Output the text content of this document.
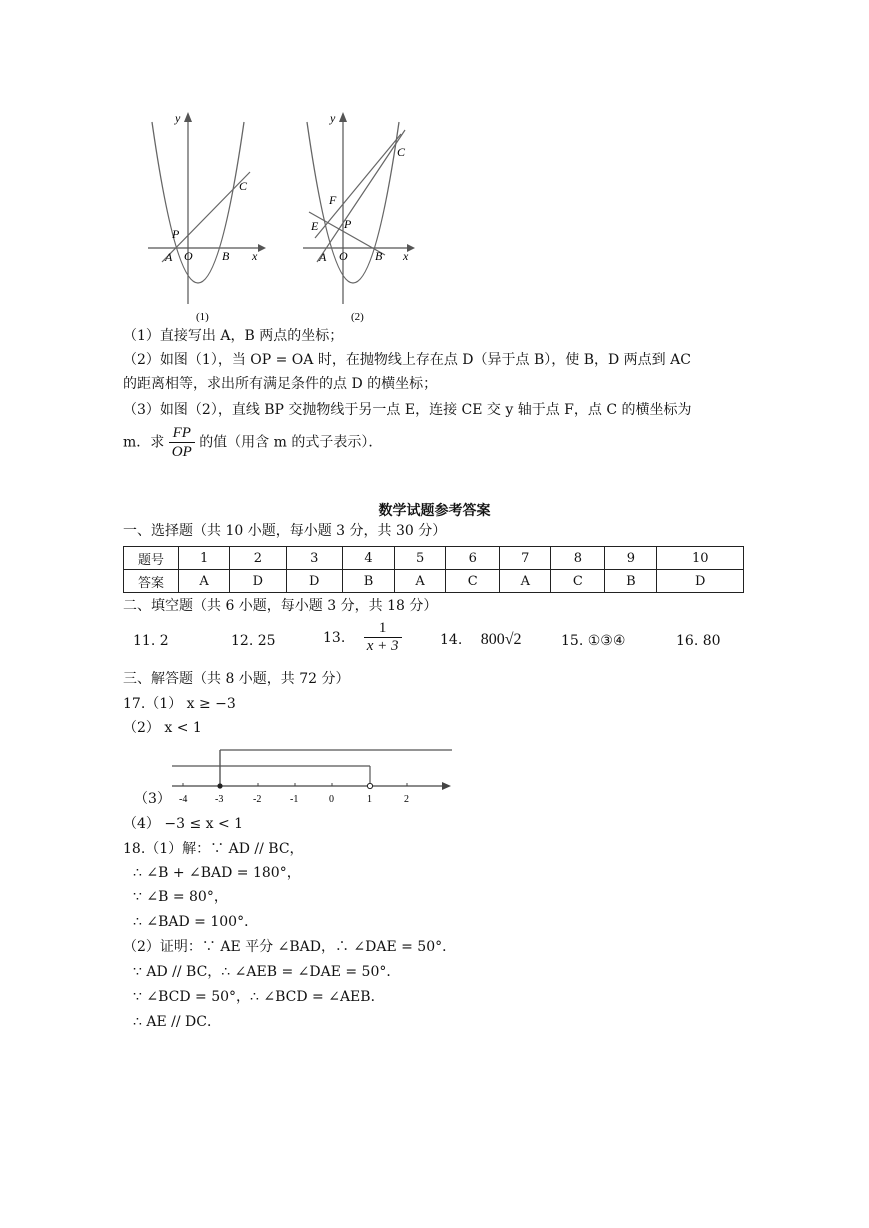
y
x
O
A	B
P
C
(1)
y
x
O
A	B
P
C
E
F
(2)
（1）直接写出 A，B 两点的坐标；
（2）如图（1），当 OP = OA 时，在抛物线上存在点 D（异于点 B），使 B，D 两点到 AC
的距离相等，求出所有满足条件的点 D 的横坐标；
（3）如图（2），直线 BP 交抛物线于另一点 E，连接 CE 交 y 轴于点 F，点 C 的横坐标为
m．求 $\frac{FP}{OP}$ 的值（用含 m 的式子表示）．
数学试题参考答案
一、选择题（共 10 小题，每小题 3 分，共 30 分）
题号	1	2	3	4	5	6	7	8	9	10
答案	A	D	D	B	A	C	A	C	B	D
二、填空题（共 6 小题，每小题 3 分，共 18 分）
11. 2	12. 25	13. $\frac{1}{x + 3}$	14. 800√2	15. ①③④	16. 80
三、解答题（共 8 小题，共 72 分）
17.（1） x ≥ −3
（2） x < 1
-4	-3	-2	-1	0	1	2
（3）
（4） −3 ≤ x < 1
18.（1）解：∵ AD // BC，
∴ ∠B + ∠BAD = 180°，
∵ ∠B = 80°，
∴ ∠BAD = 100°．
（2）证明：∵ AE 平分 ∠BAD，∴ ∠DAE = 50°．
∵ AD // BC，∴ ∠AEB = ∠DAE = 50°．
∵ ∠BCD = 50°，∴ ∠BCD = ∠AEB．
∴ AE // DC．
